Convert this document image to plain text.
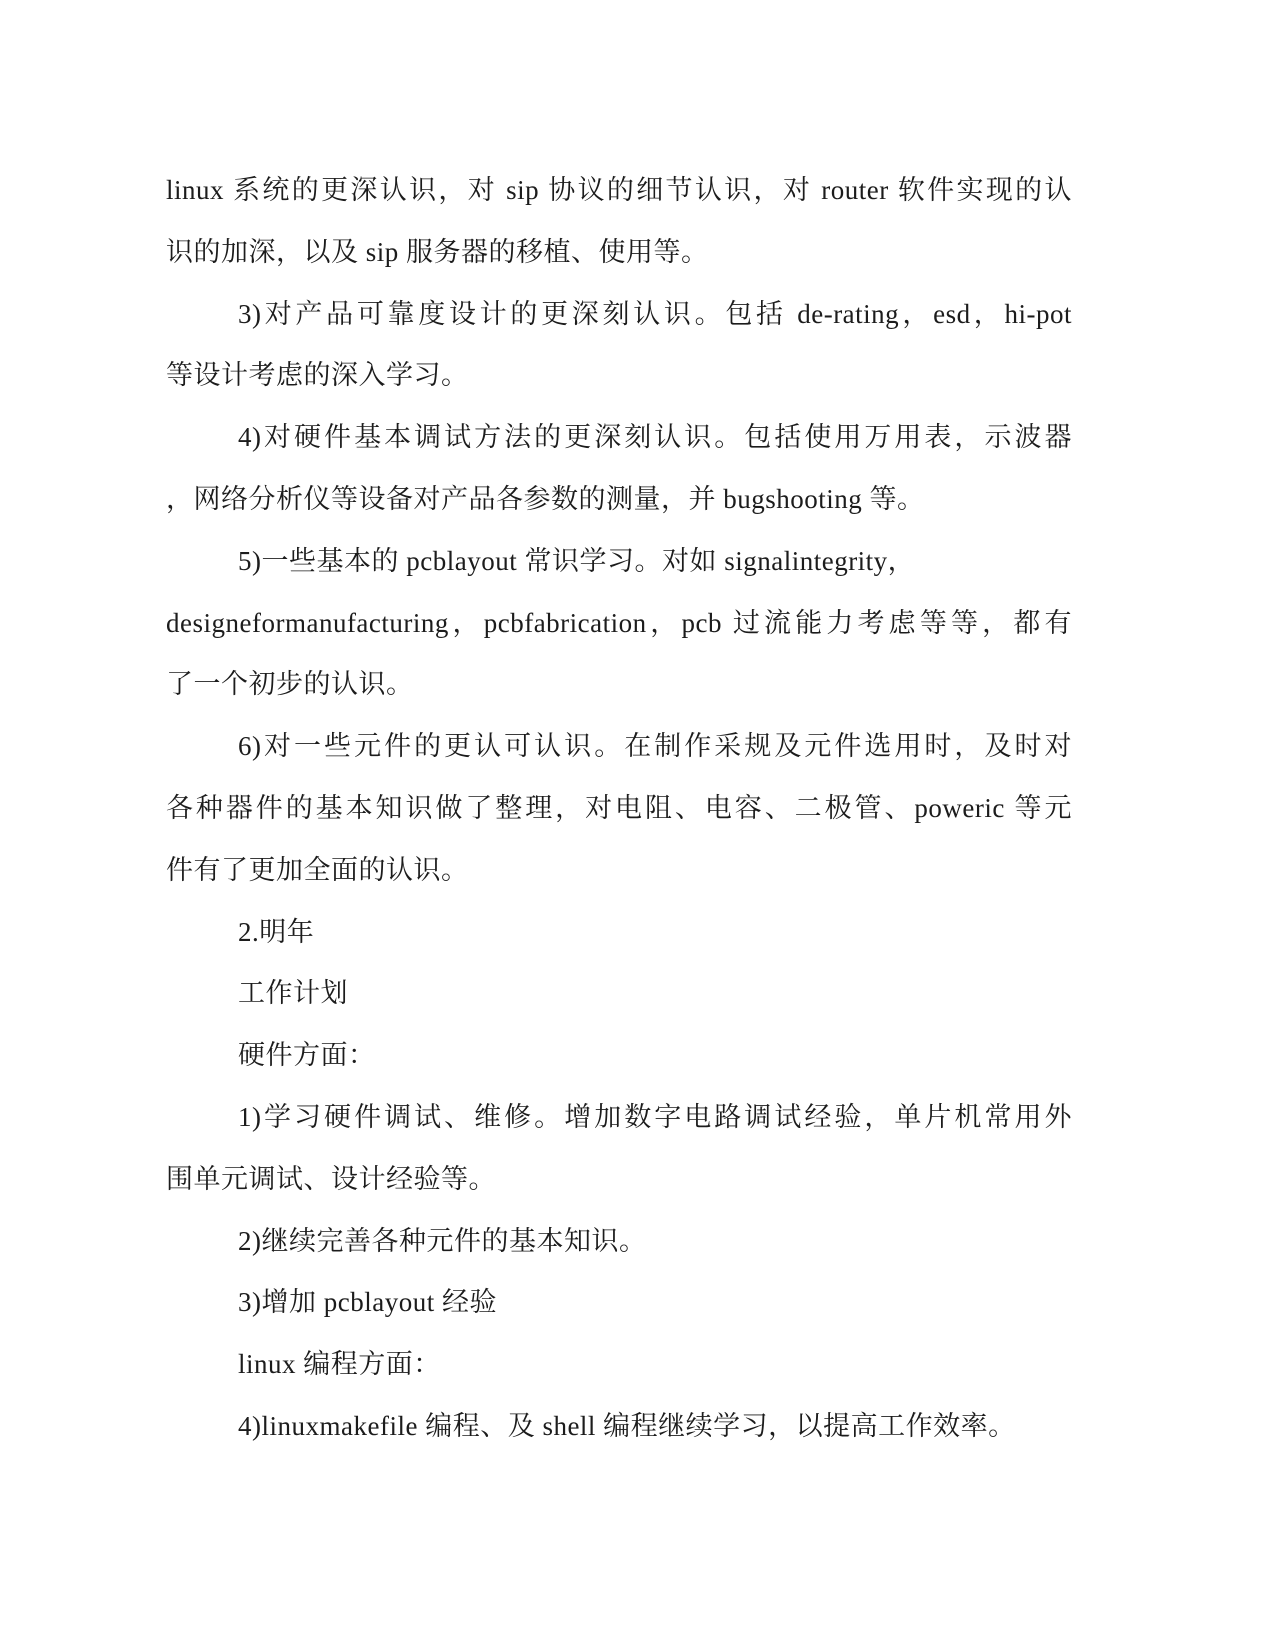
linux 系统的更深认识，对 sip 协议的细节认识，对 router 软件实现的认
识的加深，以及 sip 服务器的移植、使用等。
3)对产品可靠度设计的更深刻认识。包括 de-rating，esd，hi-pot
等设计考虑的深入学习。
4)对硬件基本调试方法的更深刻认识。包括使用万用表，示波器
，网络分析仪等设备对产品各参数的测量，并 bugshooting 等。
5)一些基本的 pcblayout 常识学习。对如 signalintegrity，
designeformanufacturing，pcbfabrication，pcb 过流能力考虑等等，都有
了一个初步的认识。
6)对一些元件的更认可认识。在制作采规及元件选用时，及时对
各种器件的基本知识做了整理，对电阻、电容、二极管、poweric 等元
件有了更加全面的认识。
2.明年
工作计划
硬件方面：
1)学习硬件调试、维修。增加数字电路调试经验，单片机常用外
围单元调试、设计经验等。
2)继续完善各种元件的基本知识。
3)增加 pcblayout 经验
linux 编程方面：
4)linuxmakefile 编程、及 shell 编程继续学习，以提高工作效率。
